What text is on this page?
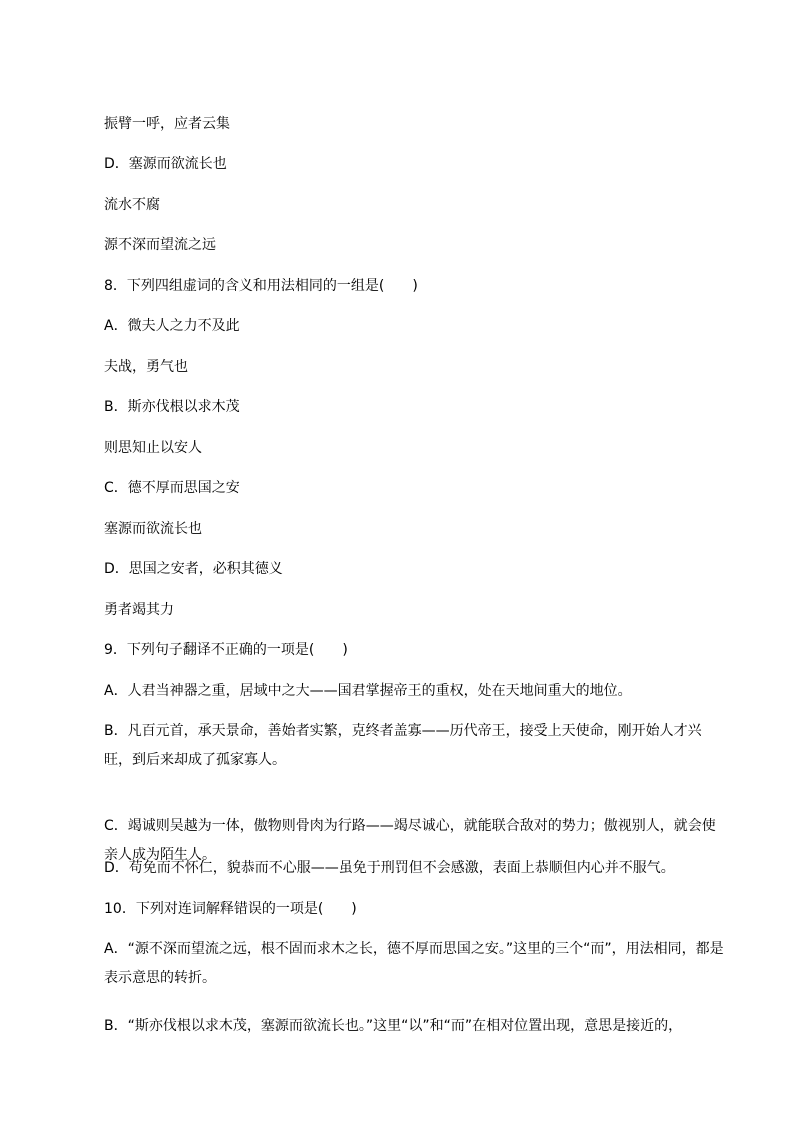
振臂一呼，应者云集
D．塞源而欲流长也
流水不腐
源不深而望流之远
8．下列四组虚词的含义和用法相同的一组是(　　)
A．微夫人之力不及此
夫战，勇气也
B．斯亦伐根以求木茂
则思知止以安人
C．德不厚而思国之安
塞源而欲流长也
D．思国之安者，必积其德义
勇者竭其力
9．下列句子翻译不正确的一项是(　　)
A．人君当神器之重，居域中之大——国君掌握帝王的重权，处在天地间重大的地位。
B．凡百元首，承天景命，善始者实繁，克终者盖寡——历代帝王，接受上天使命，刚开始人才兴旺，到后来却成了孤家寡人。
C．竭诚则吴越为一体，傲物则骨肉为行路——竭尽诚心，就能联合敌对的势力；傲视别人，就会使亲人成为陌生人。
D．苟免而不怀仁，貌恭而不心服——虽免于刑罚但不会感激，表面上恭顺但内心并不服气。
10．下列对连词解释错误的一项是(　　)
A．“源不深而望流之远，根不固而求木之长，德不厚而思国之安。”这里的三个“而”，用法相同，都是表示意思的转折。
B．“斯亦伐根以求木茂，塞源而欲流长也。”这里“以”和“而”在相对位置出现，意思是接近的，
